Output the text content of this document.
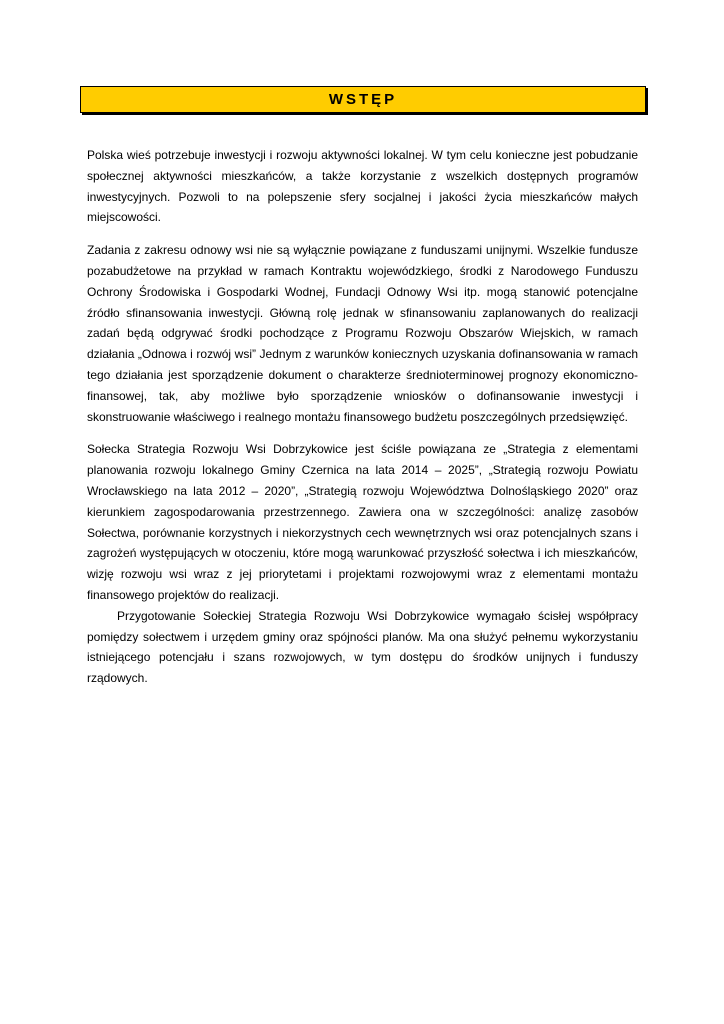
WSTĘP

Polska wieś potrzebuje inwestycji i rozwoju aktywności lokalnej. W tym celu konieczne jest pobudzanie społecznej aktywności mieszkańców, a także korzystanie z wszelkich dostępnych programów inwestycyjnych. Pozwoli to na polepszenie sfery socjalnej i jakości życia mieszkańców małych miejscowości.

Zadania z zakresu odnowy wsi nie są wyłącznie powiązane z funduszami unijnymi. Wszelkie fundusze pozabudżetowe na przykład w ramach Kontraktu wojewódzkiego, środki z Narodowego Funduszu Ochrony Środowiska i Gospodarki Wodnej, Fundacji Odnowy Wsi itp. mogą stanowić potencjalne źródło sfinansowania inwestycji. Główną rolę jednak w sfinansowaniu zaplanowanych do realizacji zadań będą odgrywać środki pochodzące z Programu Rozwoju Obszarów Wiejskich, w ramach działania „Odnowa i rozwój wsi” Jednym z warunków koniecznych uzyskania dofinansowania w ramach tego działania jest sporządzenie dokument o charakterze średnioterminowej prognozy ekonomiczno-finansowej, tak, aby możliwe było sporządzenie wniosków o dofinansowanie inwestycji i skonstruowanie właściwego i realnego montażu finansowego budżetu poszczególnych przedsięwzięć.

Sołecka Strategia Rozwoju Wsi Dobrzykowice jest ściśle powiązana ze „Strategia z elementami planowania rozwoju lokalnego Gminy Czernica na lata 2014 – 2025”, „Strategią rozwoju Powiatu Wrocławskiego na lata 2012 – 2020”, „Strategią rozwoju Województwa Dolnośląskiego 2020” oraz kierunkiem zagospodarowania przestrzennego. Zawiera ona w szczególności: analizę zasobów Sołectwa, porównanie korzystnych i niekorzystnych cech wewnętrznych wsi oraz potencjalnych szans i zagrożeń występujących w otoczeniu, które mogą warunkować przyszłość sołectwa i ich mieszkańców, wizję rozwoju wsi wraz z jej priorytetami i projektami rozwojowymi wraz z elementami montażu finansowego projektów do realizacji.

Przygotowanie Sołeckiej Strategia Rozwoju Wsi Dobrzykowice wymagało ścisłej współpracy pomiędzy sołectwem i urzędem gminy oraz spójności planów. Ma ona służyć pełnemu wykorzystaniu istniejącego potencjału i szans rozwojowych, w tym dostępu do środków unijnych i funduszy rządowych.
